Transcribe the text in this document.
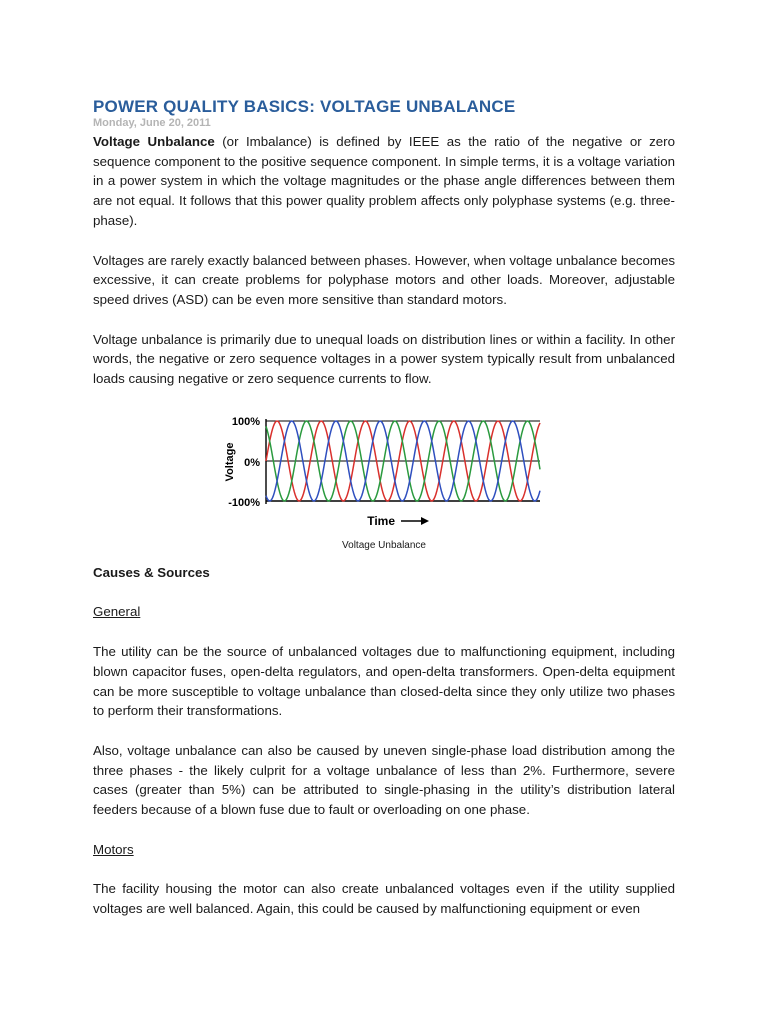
POWER QUALITY BASICS: VOLTAGE UNBALANCE
Monday, June 20, 2011

Voltage Unbalance (or Imbalance) is defined by IEEE as the ratio of the negative or zero sequence component to the positive sequence component. In simple terms, it is a voltage variation in a power system in which the voltage magnitudes or the phase angle differences between them are not equal. It follows that this power quality problem affects only polyphase systems (e.g. three-phase).

Voltages are rarely exactly balanced between phases. However, when voltage unbalance becomes excessive, it can create problems for polyphase motors and other loads. Moreover, adjustable speed drives (ASD) can be even more sensitive than standard motors.

Voltage unbalance is primarily due to unequal loads on distribution lines or within a facility. In other words, the negative or zero sequence voltages in a power system typically result from unbalanced loads causing negative or zero sequence currents to flow.

100%
0%
-100%
Voltage
Time
Voltage Unbalance
Causes & Sources
General

The utility can be the source of unbalanced voltages due to malfunctioning equipment, including blown capacitor fuses, open-delta regulators, and open-delta transformers. Open-delta equipment can be more susceptible to voltage unbalance than closed-delta since they only utilize two phases to perform their transformations.

Also, voltage unbalance can also be caused by uneven single-phase load distribution among the three phases - the likely culprit for a voltage unbalance of less than 2%. Furthermore, severe cases (greater than 5%) can be attributed to single-phasing in the utility’s distribution lateral feeders because of a blown fuse due to fault or overloading on one phase.

Motors

The facility housing the motor can also create unbalanced voltages even if the utility supplied voltages are well balanced. Again, this could be caused by malfunctioning equipment or even
